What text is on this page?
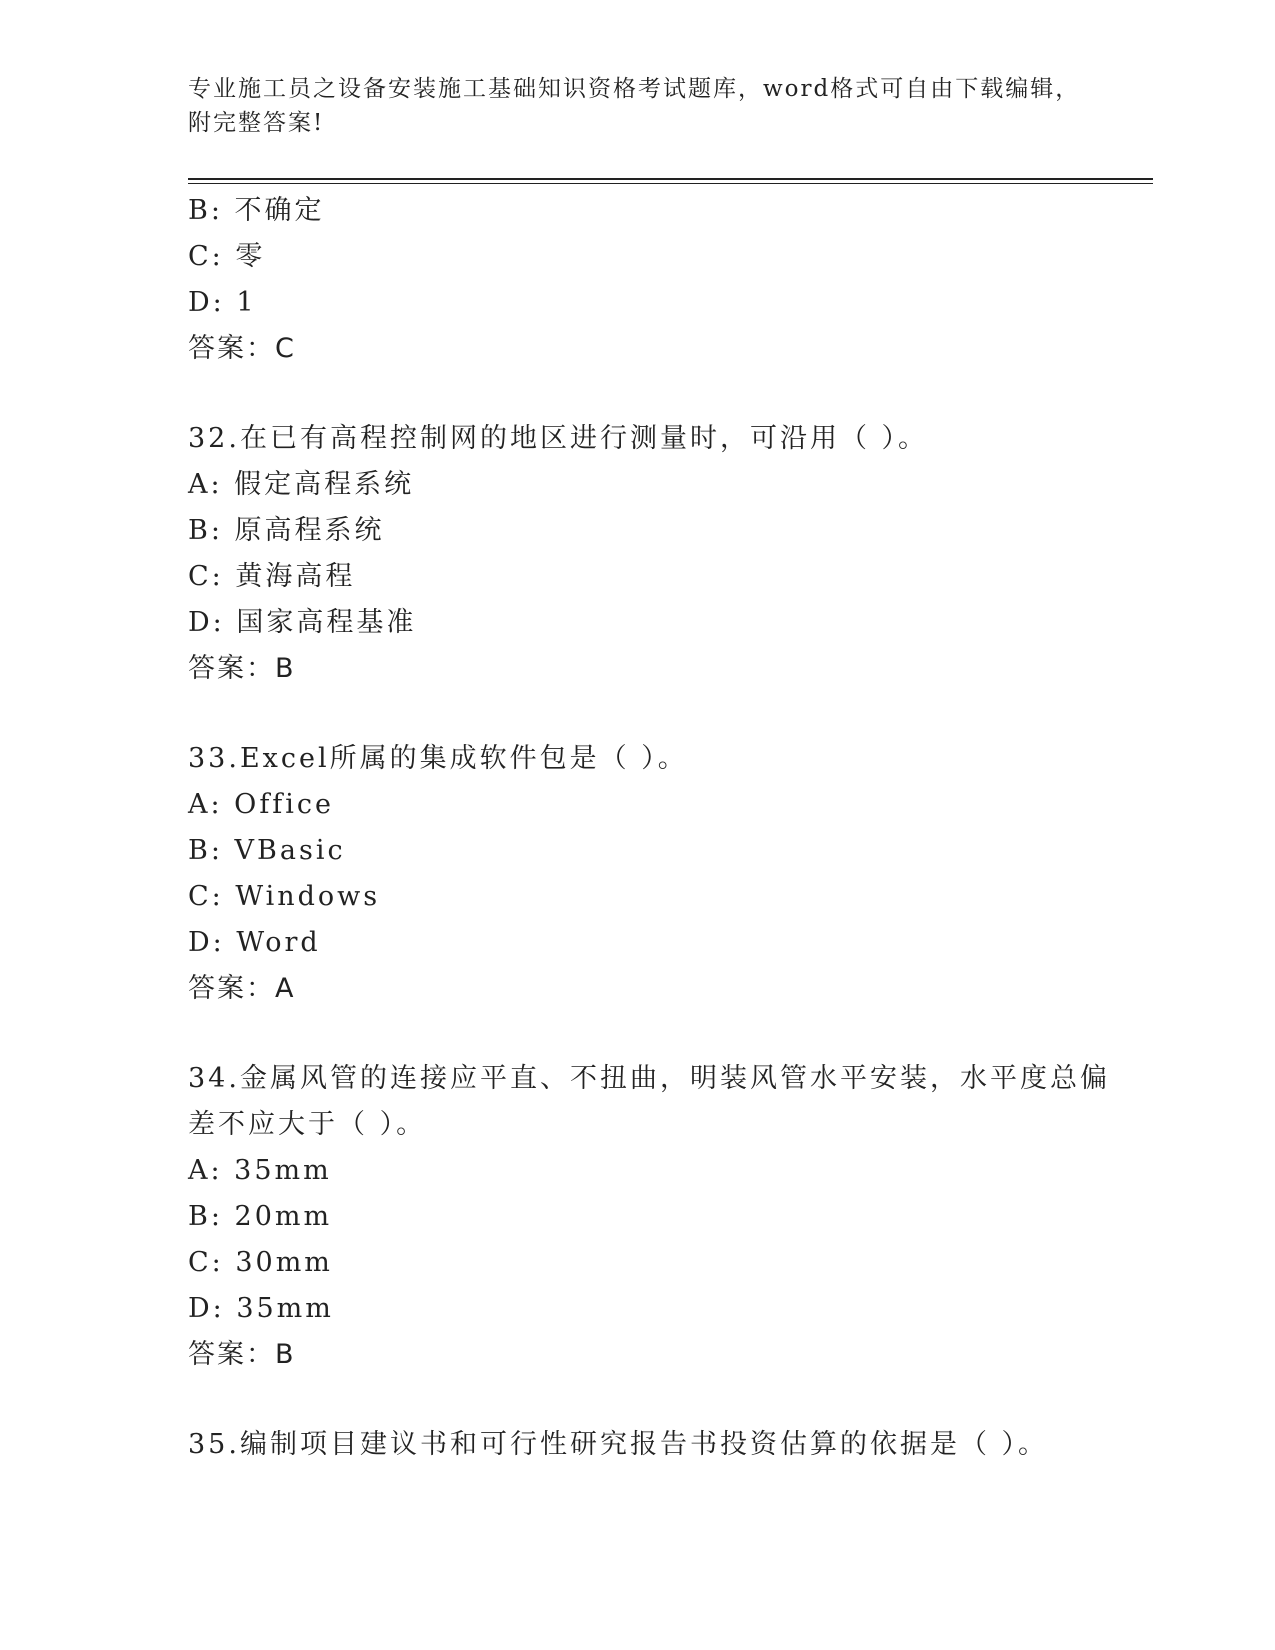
专业施工员之设备安装施工基础知识资格考试题库，word格式可自由下载编辑，
附完整答案!
B: 不确定
C: 零
D: 1
答案：C
32.在已有高程控制网的地区进行测量时，可沿用（ ）。
A: 假定高程系统
B: 原高程系统
C: 黄海高程
D: 国家高程基准
答案：B
33.Excel所属的集成软件包是（ ）。
A: Office
B: VBasic
C: Windows
D: Word
答案：A
34.金属风管的连接应平直、不扭曲，明装风管水平安装，水平度总偏
差不应大于（ ）。
A: 35mm
B: 20mm
C: 30mm
D: 35mm
答案：B
35.编制项目建议书和可行性研究报告书投资估算的依据是（ ）。
